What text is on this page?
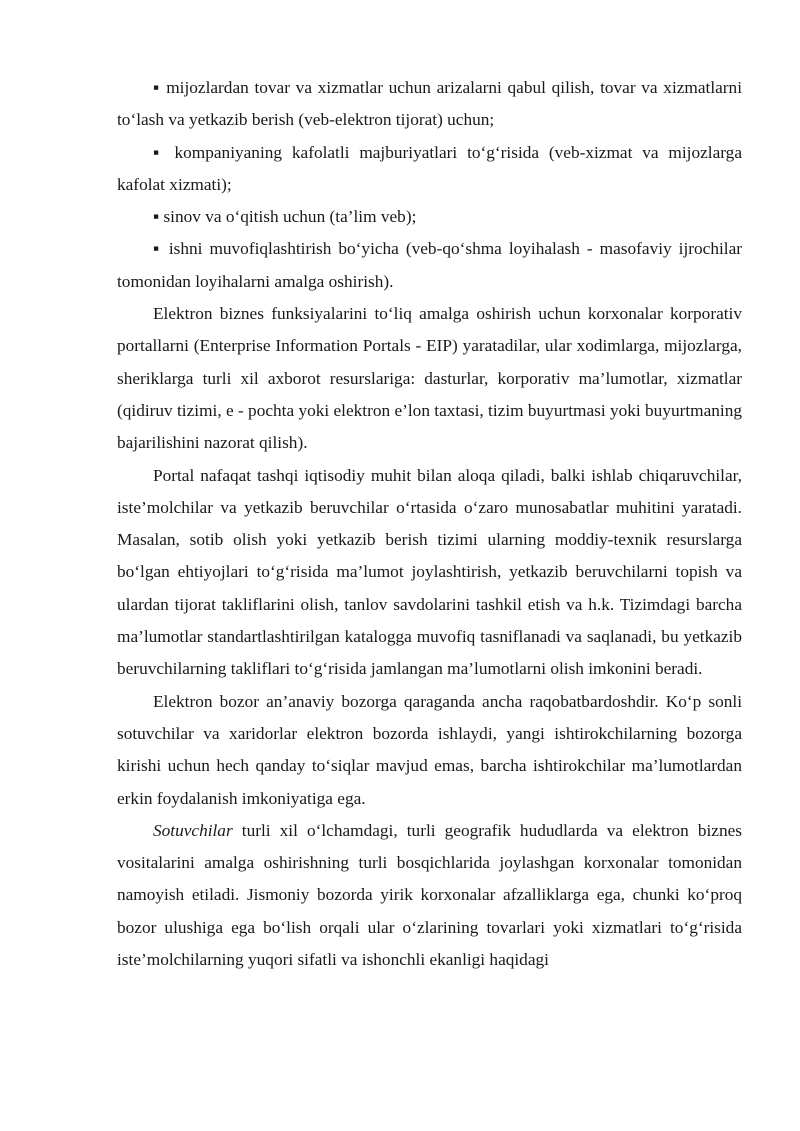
▪ mijozlardan tovar va xizmatlar uchun arizalarni qabul qilish, tovar va xizmatlarni to‘lash va yetkazib berish (veb-elektron tijorat) uchun;

▪ kompaniyaning kafolatli majburiyatlari to‘g‘risida (veb-xizmat va mijozlarga kafolat xizmati);

▪ sinov va o‘qitish uchun (ta’lim veb);

▪ ishni muvofiqlashtirish bo‘yicha (veb-qo‘shma loyihalash - masofaviy ijrochilar tomonidan loyihalarni amalga oshirish).

Elektron biznes funksiyalarini to‘liq amalga oshirish uchun korxonalar korporativ portallarni (Enterprise Information Portals - EIP) yaratadilar, ular xodimlarga, mijozlarga, sheriklarga turli xil axborot resurslariga: dasturlar, korporativ ma’lumotlar, xizmatlar (qidiruv tizimi, e - pochta yoki elektron e’lon taxtasi, tizim buyurtmasi yoki buyurtmaning bajarilishini nazorat qilish).

Portal nafaqat tashqi iqtisodiy muhit bilan aloqa qiladi, balki ishlab chiqaruvchilar, iste’molchilar va yetkazib beruvchilar o‘rtasida o‘zaro munosabatlar muhitini yaratadi. Masalan, sotib olish yoki yetkazib berish tizimi ularning moddiy-texnik resurslarga bo‘lgan ehtiyojlari to‘g‘risida ma’lumot joylashtirish, yetkazib beruvchilarni topish va ulardan tijorat takliflarini olish, tanlov savdolarini tashkil etish va h.k. Tizimdagi barcha ma’lumotlar standartlashtirilgan katalogga muvofiq tasniflanadi va saqlanadi, bu yetkazib beruvchilarning takliflari to‘g‘risida jamlangan ma’lumotlarni olish imkonini beradi.

Elektron bozor an’anaviy bozorga qaraganda ancha raqobatbardoshdir. Ko‘p sonli sotuvchilar va xaridorlar elektron bozorda ishlaydi, yangi ishtirokchilarning bozorga kirishi uchun hech qanday to‘siqlar mavjud emas, barcha ishtirokchilar ma’lumotlardan erkin foydalanish imkoniyatiga ega.

Sotuvchilar turli xil o‘lchamdagi, turli geografik hududlarda va elektron biznes vositalarini amalga oshirishning turli bosqichlarida joylashgan korxonalar tomonidan namoyish etiladi. Jismoniy bozorda yirik korxonalar afzalliklarga ega, chunki ko‘proq bozor ulushiga ega bo‘lish orqali ular o‘zlarining tovarlari yoki xizmatlari to‘g‘risida iste’molchilarning yuqori sifatli va ishonchli ekanligi haqidagi
